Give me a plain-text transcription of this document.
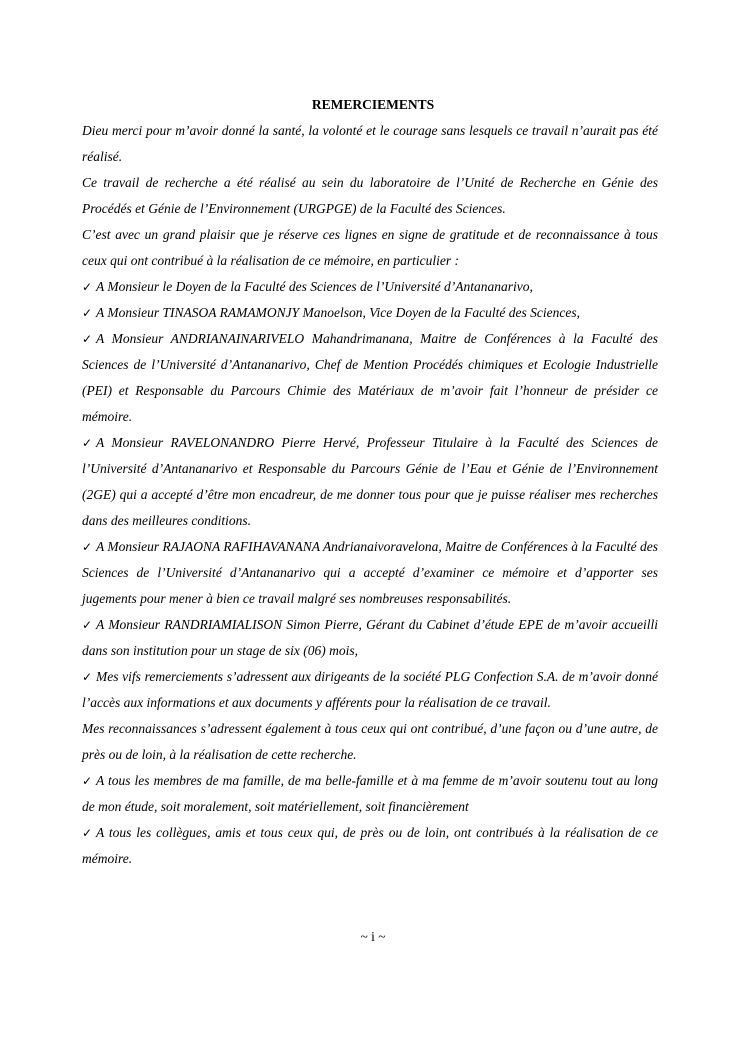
REMERCIEMENTS

Dieu merci pour m’avoir donné la santé, la volonté et le courage sans lesquels ce travail n’aurait pas été réalisé.

Ce travail de recherche a été réalisé au sein du laboratoire de l’Unité de Recherche en Génie des Procédés et Génie de l’Environnement (URGPGE) de la Faculté des Sciences.

C’est avec un grand plaisir que je réserve ces lignes en signe de gratitude et de reconnaissance à tous ceux qui ont contribué à la réalisation de ce mémoire, en particulier :

✓ A Monsieur le Doyen de la Faculté des Sciences de l’Université d’Antananarivo,

✓ A Monsieur TINASOA RAMAMONJY Manoelson, Vice Doyen de la Faculté des Sciences,

✓ A Monsieur ANDRIANAINARIVELO Mahandrimanana, Maitre de Conférences à la Faculté des Sciences de l’Université d’Antananarivo, Chef de Mention Procédés chimiques et Ecologie Industrielle (PEI) et Responsable du Parcours Chimie des Matériaux de m’avoir fait l’honneur de présider ce mémoire.

✓ A Monsieur RAVELONANDRO Pierre Hervé, Professeur Titulaire à la Faculté des Sciences de l’Université d’Antananarivo et Responsable du Parcours Génie de l’Eau et Génie de l’Environnement (2GE) qui a accepté d’être mon encadreur, de me donner tous pour que je puisse réaliser mes recherches dans des meilleures conditions.

✓ A Monsieur RAJAONA RAFIHAVANANA Andrianaivoravelona, Maitre de Conférences à la Faculté des Sciences de l’Université d’Antananarivo qui a accepté d’examiner ce mémoire et d’apporter ses jugements pour mener à bien ce travail malgré ses nombreuses responsabilités.

✓ A Monsieur RANDRIAMIALISON Simon Pierre, Gérant du Cabinet d’étude EPE de m’avoir accueilli dans son institution pour un stage de six (06) mois,

✓ Mes vifs remerciements s’adressent aux dirigeants de la société PLG Confection S.A. de m’avoir donné l’accès aux informations et aux documents y afférents pour la réalisation de ce travail.

Mes reconnaissances s’adressent également à tous ceux qui ont contribué, d’une façon ou d’une autre, de près ou de loin, à la réalisation de cette recherche.

✓ A tous les membres de ma famille, de ma belle-famille et à ma femme de m’avoir soutenu tout au long de mon étude, soit moralement, soit matériellement, soit financièrement

✓ A tous les collègues, amis et tous ceux qui, de près ou de loin, ont contribués à la réalisation de ce mémoire.

~ i ~
